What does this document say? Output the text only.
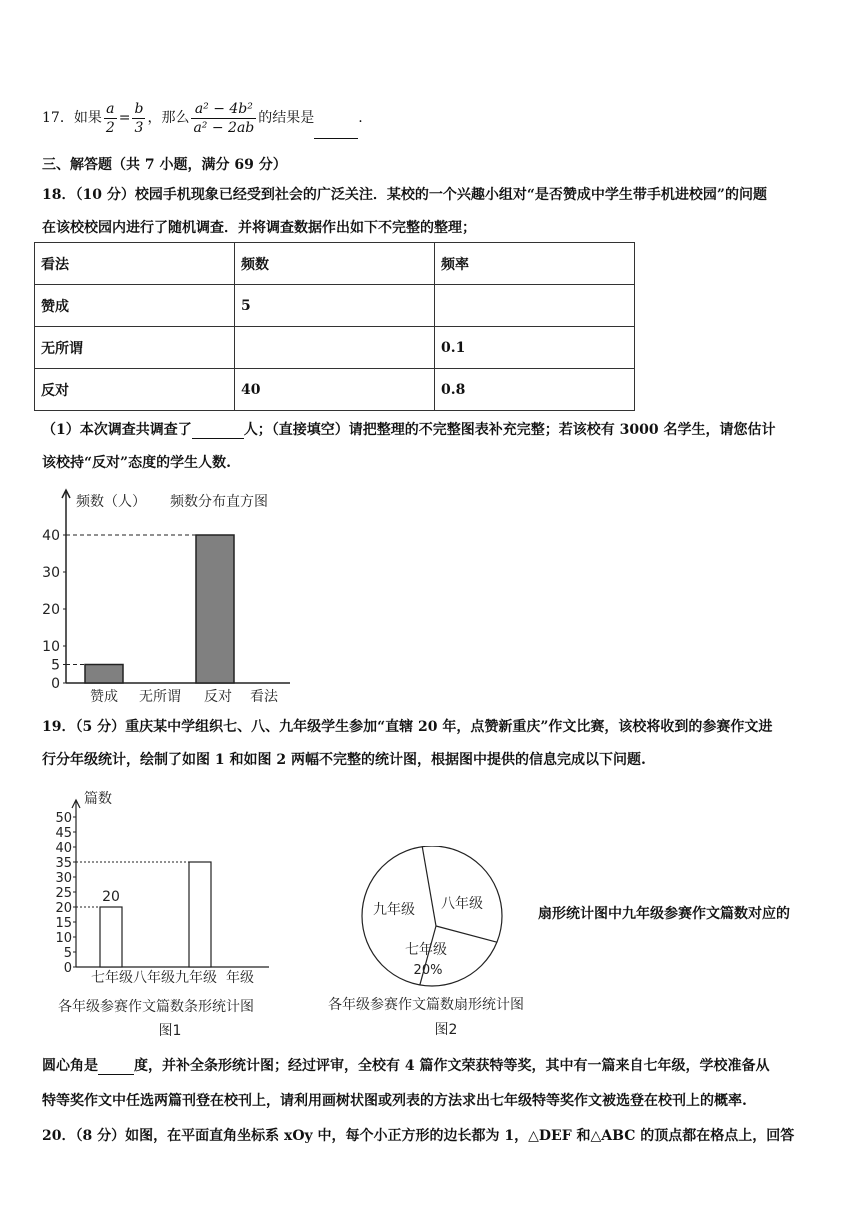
17．如果 $\frac{a}{2} = \frac{b}{3}$ ，那么 $\frac{\text{a² − 4b²}}{\text{a² − 2ab}}$ 的结果是	.
三、解答题（共 7 小题，满分 69 分）
18．（10 分）校园手机现象已经受到社会的广泛关注．某校的一个兴趣小组对“是否赞成中学生带手机进校园”的问题
在该校校园内进行了随机调查．并将调查数据作出如下不完整的整理；
看法	频数	频率
赞成	5	
无所谓		0.1
反对	40	0.8
（1）本次调查共调查了	人；（直接填空）请把整理的不完整图表补充完整；若该校有 3000 名学生，请您估计
该校持“反对”态度的学生人数.
频数（人） 频数分布直方图
0
5
10
20
30
40
赞成 无所谓 反对 看法
19．（5 分）重庆某中学组织七、八、九年级学生参加“直辖 20 年，点赞新重庆”作文比赛，该校将收到的参赛作文进
行分年级统计，绘制了如图 1 和如图 2 两幅不完整的统计图，根据图中提供的信息完成以下问题.
篇数
0
5
10
15
20
25
30
35
40
45
50
20
七年级 八年级 九年级 年级
各年级参赛作文篇数条形统计图
图1
九年级 八年级
七年级
20%
各年级参赛作文篇数扇形统计图
图2
扇形统计图中九年级参赛作文篇数对应的
圆心角是	度，并补全条形统计图；经过评审，全校有 4 篇作文荣获特等奖，其中有一篇来自七年级，学校准备从
特等奖作文中任选两篇刊登在校刊上，请利用画树状图或列表的方法求出七年级特等奖作文被选登在校刊上的概率.
20．（8 分）如图，在平面直角坐标系 xOy 中，每个小正方形的边长都为 1，△DEF 和△ABC 的顶点都在格点上，回答
